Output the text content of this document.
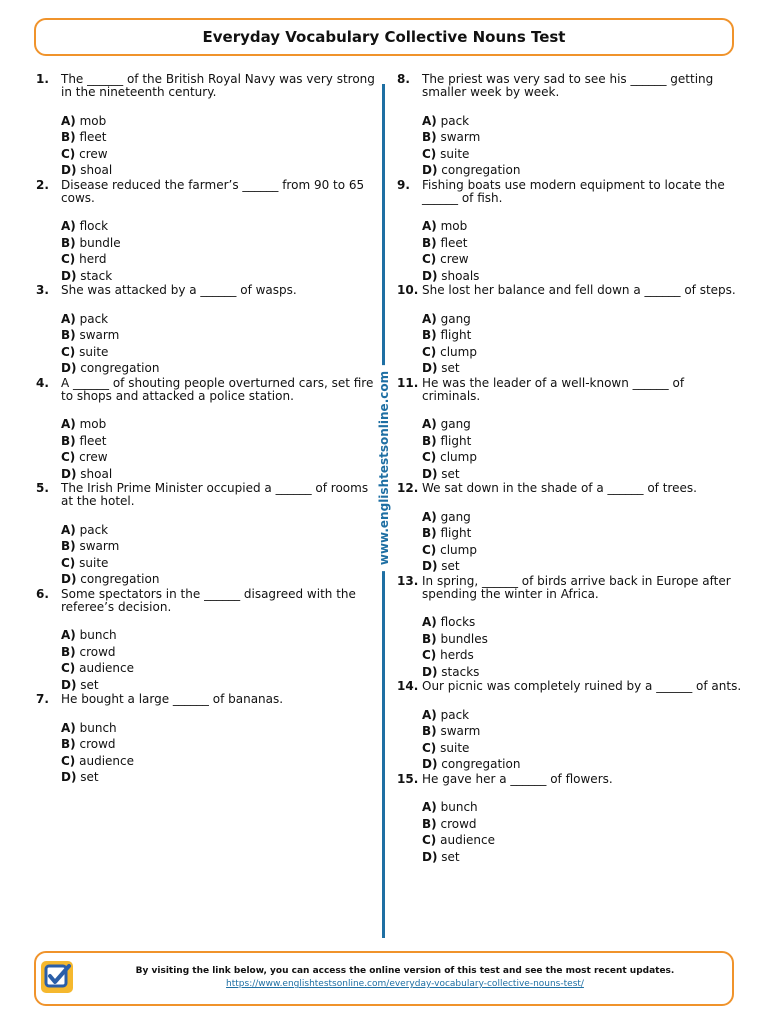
Everyday Vocabulary Collective Nouns Test
1. The ______ of the British Royal Navy was very strong in the nineteenth century.
A) mob
B) fleet
C) crew
D) shoal
2. Disease reduced the farmer’s ______ from 90 to 65 cows.
A) flock
B) bundle
C) herd
D) stack
3. She was attacked by a ______ of wasps.
A) pack
B) swarm
C) suite
D) congregation
4. A ______ of shouting people overturned cars, set fire to shops and attacked a police station.
A) mob
B) fleet
C) crew
D) shoal
5. The Irish Prime Minister occupied a ______ of rooms at the hotel.
A) pack
B) swarm
C) suite
D) congregation
6. Some spectators in the ______ disagreed with the referee’s decision.
A) bunch
B) crowd
C) audience
D) set
7. He bought a large ______ of bananas.
A) bunch
B) crowd
C) audience
D) set
8. The priest was very sad to see his ______ getting smaller week by week.
A) pack
B) swarm
C) suite
D) congregation
9. Fishing boats use modern equipment to locate the ______ of fish.
A) mob
B) fleet
C) crew
D) shoals
10. She lost her balance and fell down a ______ of steps.
A) gang
B) flight
C) clump
D) set
11. He was the leader of a well-known ______ of criminals.
A) gang
B) flight
C) clump
D) set
12. We sat down in the shade of a ______ of trees.
A) gang
B) flight
C) clump
D) set
13. In spring, ______ of birds arrive back in Europe after spending the winter in Africa.
A) flocks
B) bundles
C) herds
D) stacks
14. Our picnic was completely ruined by a ______ of ants.
A) pack
B) swarm
C) suite
D) congregation
15. He gave her a ______ of flowers.
A) bunch
B) crowd
C) audience
D) set
www.englishtestsonline.com
By visiting the link below, you can access the online version of this test and see the most recent updates.
https://www.englishtestsonline.com/everyday-vocabulary-collective-nouns-test/
